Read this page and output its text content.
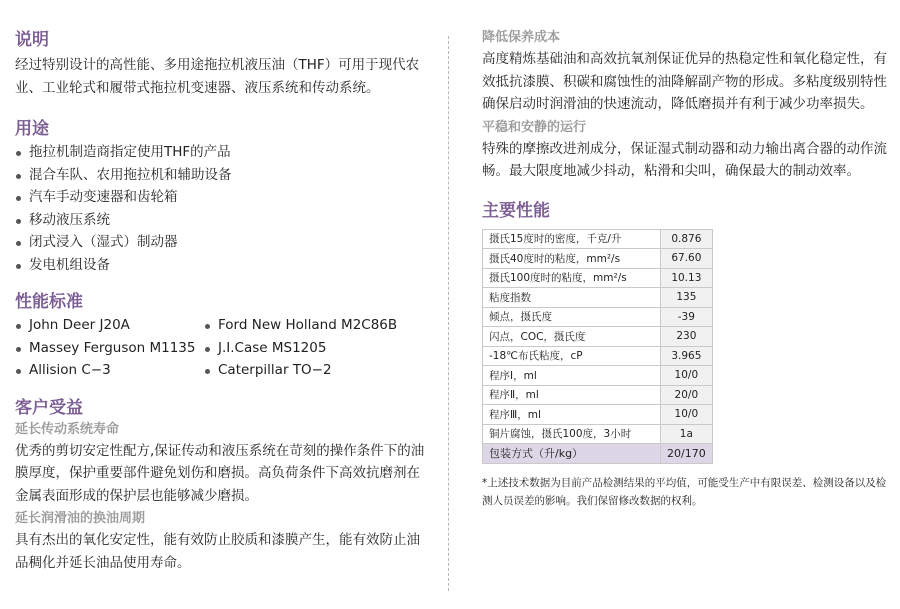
说明

经过特别设计的高性能、多用途拖拉机液压油（THF）可用于现代农业、工业轮式和履带式拖拉机变速器、液压系统和传动系统。

用途
拖拉机制造商指定使用THF的产品
混合车队、农用拖拉机和辅助设备
汽车手动变速器和齿轮箱
移动液压系统
闭式浸入（湿式）制动器
发电机组设备
性能标准
John Deer J20A	Ford New Holland M2C86B
Massey Ferguson M1135	J.I.Case MS1205
Allision C−3	Caterpillar TO−2
客户受益
延长传动系统寿命

优秀的剪切安定性配方,保证传动和液压系统在苛刻的操作条件下的油膜厚度，保护重要部件避免划伤和磨损。高负荷条件下高效抗磨剂在金属表面形成的保护层也能够减少磨损。

延长润滑油的换油周期

具有杰出的氧化安定性，能有效防止胶质和漆膜产生，能有效防止油品稠化并延长油品使用寿命。

降低保养成本

高度精炼基础油和高效抗氧剂保证优异的热稳定性和氧化稳定性，有效抵抗漆膜、积碳和腐蚀性的油降解副产物的形成。多粘度级别特性确保启动时润滑油的快速流动，降低磨损并有利于减少功率损失。

平稳和安静的运行

特殊的摩擦改进剂成分，保证湿式制动器和动力输出离合器的动作流畅。最大限度地减少抖动，粘滑和尖叫，确保最大的制动效率。

主要性能
摄氏15度时的密度，千克/升	0.876
摄氏40度时的粘度，mm²/s	67.60
摄氏100度时的粘度，mm²/s	10.13
粘度指数	135
倾点，摄氏度	-39
闪点，COC，摄氏度	230
-18℃布氏粘度，cP	3.965
程序Ⅰ，ml	10/0
程序Ⅱ，ml	20/0
程序Ⅲ，ml	10/0
铜片腐蚀，摄氏100度，3小时	1a
包装方式（升/kg）	20/170

*上述技术数据为目前产品检测结果的平均值，可能受生产中有限误差、检测设备以及检测人员误差的影响。我们保留修改数据的权利。
